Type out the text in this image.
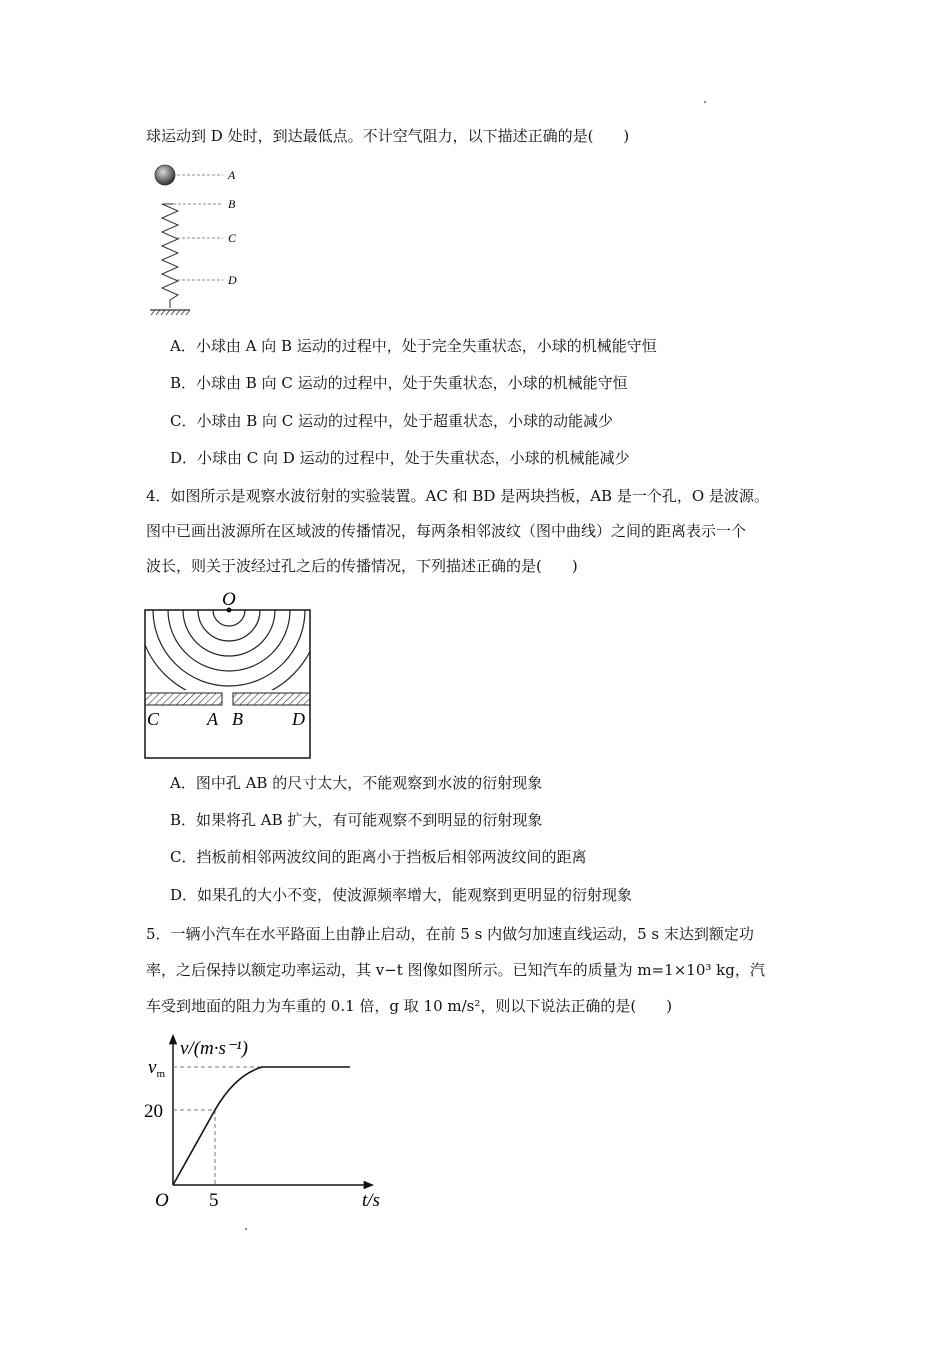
球运动到 D 处时，到达最低点。不计空气阻力，以下描述正确的是(　　)
A
B
C
D
A．小球由 A 向 B 运动的过程中，处于完全失重状态，小球的机械能守恒
B．小球由 B 向 C 运动的过程中，处于失重状态，小球的机械能守恒
C．小球由 B 向 C 运动的过程中，处于超重状态，小球的动能减少
D．小球由 C 向 D 运动的过程中，处于失重状态，小球的机械能减少
4．如图所示是观察水波衍射的实验装置。AC 和 BD 是两块挡板，AB 是一个孔，O 是波源。
图中已画出波源所在区域波的传播情况，每两条相邻波纹（图中曲线）之间的距离表示一个
波长，则关于波经过孔之后的传播情况，下列描述正确的是(　　)
O
C	A B	D
A．图中孔 AB 的尺寸太大，不能观察到水波的衍射现象
B．如果将孔 AB 扩大，有可能观察不到明显的衍射现象
C．挡板前相邻两波纹间的距离小于挡板后相邻两波纹间的距离
D．如果孔的大小不变，使波源频率增大，能观察到更明显的衍射现象
5．一辆小汽车在水平路面上由静止启动，在前 5 s 内做匀加速直线运动，5 s 末达到额定功
率，之后保持以额定功率运动，其 v−t 图像如图所示。已知汽车的质量为 m=1×10³ kg，汽
车受到地面的阻力为车重的 0.1 倍，g 取 10 m/s²，则以下说法正确的是(　　)
v/(m·s⁻¹)
$v_m$
20
O 5	t/s
